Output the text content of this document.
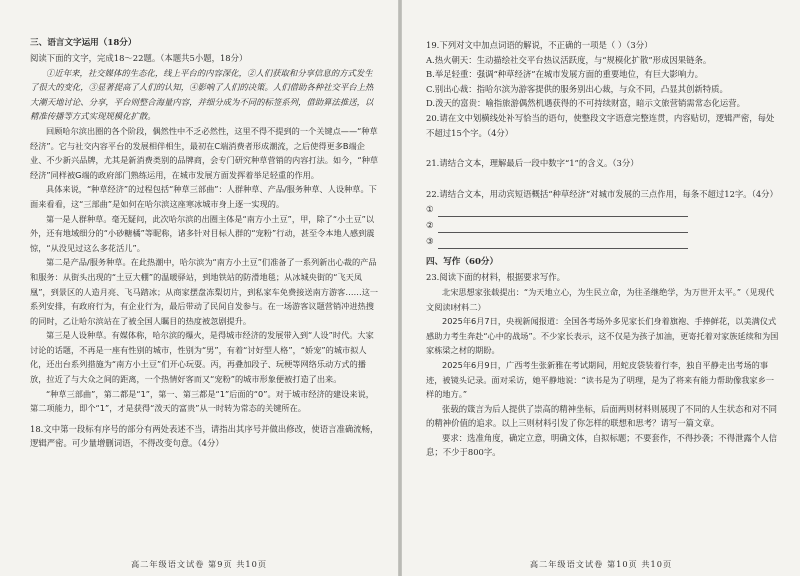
三、语言文字运用（18分）

阅读下面的文字，完成18～22题。（本题共5小题，18分）

①近年来，社交媒体的生态化，线上平台的内容深化，②人们获取和分享信息的方式发生了很大的变化，③显著提高了人们的认知，④影响了人们的决策。人们借助各种社交平台上热大潮天地讨论、分享，平台则整合海量内容，并细分成为不同的标签系列，借助算法推送，以精准传播等方式实现规模化扩散。

回顾哈尔滨出圈的各个阶段，偶然性中不乏必然性，这里不得不提到的一个关键点——“种草经济”。它与社交内容平台的发展相伴相生，最初在C端消费者形成潮流，之后使得更多B端企业、不少新兴品牌，尤其是新消费类别的品牌商，会专门研究种草营销的内容打法。如今，“种草经济”同样被G端的政府部门熟练运用，在城市发展方面发挥着举足轻重的作用。

具体来说，“种草经济”的过程包括“种草三部曲”：人群种草、产品/服务种草、人设种草。下面来看看，这“三部曲”是如何在哈尔滨这座寒冰城市身上逐一实现的。

第一是人群种草。毫无疑问，此次哈尔滨的出圈主体是“南方小土豆”，甲，除了“小土豆”以外，还有地域细分的“小砂糖橘”等昵称，诸多针对目标人群的“宠粉”行动，甚至令本地人感到震惊，“从没见过这么多花活儿”。

第二是产品/服务种草。在此热潮中，哈尔滨为“南方小土豆”们准备了一系列新出心裁的产品和服务：从街头出现的“土豆大棚”的温暖驿站，到地铁站的防滑地毯；从冰城央街的“飞天凤凰”，到景区的人造月亮、飞马踏冰；从商家摆盘冻梨切片，到私家车免费接送南方游客……这一系列安排，有政府行为，有企业行为，最后带动了民间自发参与。在一场游客议题营销冲进热搜的同时，乙让哈尔滨站在了被全国人瞩目的热度被忽剧提升。

第三是人设种草。有媒体称，哈尔滨的爆火，是得城市经济的发展带入到“人设”时代。大家讨论的话题，不再是一座有性别的城市，性别为“男”，有着“讨好型人格”，“娇宠”的城市拟人化，还出台系列措施为“南方小土豆”们开心玩耍。丙，再叠加段子、玩梗等网络乐动方式的播放，拉近了与大众之间的距离，一个热情好客而又“宠粉”的城市形象便被打造了出来。

“种草三部曲”，第二都是“1”，第一、第三都是“1”后面的“0”。对于城市经济的建设来说，第二项能力，即个“1”，才是获得“泼天的富贵”从一时转为常态的关键所在。

18.文中第一段标有序号的部分有两处表述不当，请指出其序号并做出修改，使语言准确流畅，逻辑严密。可少量增删词语，不得改变句意。（4分）

高二年级语文试卷 第9页 共10页

19.下列对文中加点词语的解说，不正确的一项是（ ）（3分）

A.热火朝天：生动描绘社交平台热议活跃度，与“规模化扩散”形成因果链条。

B.举足轻重：强调“种草经济”在城市发展方面的重要地位，有巨大影响力。

C.别出心裁：指哈尔滨为游客提供的服务别出心裁，与众不同，凸显其创新特质。

D.泼天的富贵：喻指旅游偶然机遇获得的不可持续财富，暗示文旅营销需常态化运营。

20.请在文中划横线处补写恰当的语句，使整段文字语意完整连贯，内容贴切，逻辑严密，每处不超过15个字。（4分）

21.请结合文本，理解最后一段中数字“1”的含义。（3分）

22.请结合文本，用动宾短语概括“种草经济”对城市发展的三点作用，每条不超过12字。（4分）

①
②
③

四、写作（60分）

23.阅读下面的材料，根据要求写作。

北宋思想家张载提出：“为天地立心，为生民立命，为往圣继绝学，为万世开太平。”（见现代文阅读Ⅰ材料二）

2025年6月7日，央视新闻报道：全国各考场外多见家长们身着旗袍、手捧鲜花，以美满仪式感助力考生奔赴“心中的战场”。不少家长表示，这不仅是为孩子加油，更寄托着对家族延续和为国家栋梁之材的期盼。

2025年6月9日，广西考生张新雅在考试期间，用蛇皮袋装着行李，独自平静走出考场的事迹，被镜头记录。面对采访，她平静地说：“读书是为了明理，是为了将来有能力帮助像我家乡一样的地方。”

张载的箴言为后人提供了崇高的精神坐标，后面两则材料则展现了不同的人生状态和对不同的精神价值的追求。以上三则材料引发了你怎样的联想和思考？请写一篇文章。

要求：选准角度，确定立意，明确文体，自拟标题；不要套作，不得抄袭；不得泄露个人信息；不少于800字。

高二年级语文试卷 第10页 共10页
